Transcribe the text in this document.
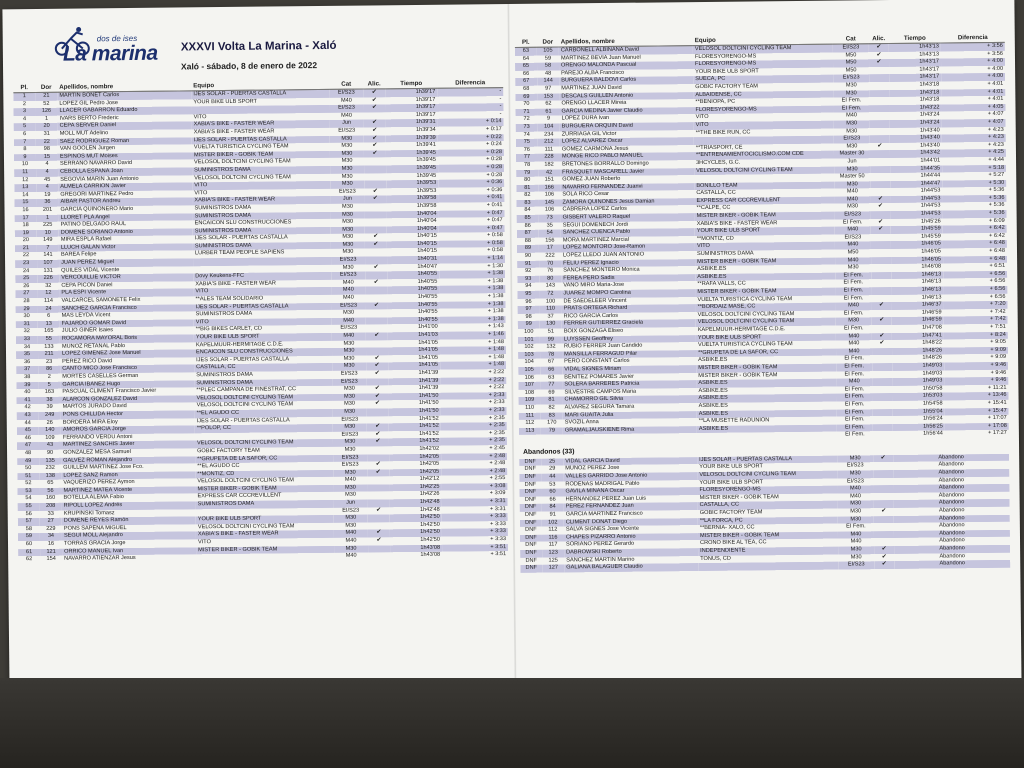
dos de ises
La marina XXXVI Volta La Marina - Xaló
Xaló - sábado, 8 de enero de 2022
Pl.	Dor	Apellidos, nombre	Equipo	Cat	Alic.	Tiempo	Diferencia
1	21	MARTIN BONET Carlos	IJES SOLAR - PUERTAS CASTALLA	EI/S23	✔	1h39'17	-
2	52	LOPEZ GIL Pedro Jose	YOUR BIKE ULB SPORT	M40	✔	1h39'17	-
3	126	LLACER GABARRON Eduardo		EI/S23	✔	1h39'17	-
4	1	IVARS BERTO Frederic	VITO	M40		1h39'17	-
5	20	CEPA SERVER Daniel	XABIA'S BIKE - FASTER WEAR	Jun	✔	1h39'31	+ 0:14
6	31	MOLL MUT Adelino	XABIA'S BIKE - FASTER WEAR	EI/S23	✔	1h39'34	+ 0:17
7	22	SAEZ RODRIGUEZ Roman	IJES SOLAR - PUERTAS CASTALLA	M30	✔	1h39'39	+ 0:22
8	98	VAN GOOLEN Jurgen	VUELTA TURISTICA CYCLING TEAM	M30	✔	1h39'41	+ 0:24
9	15	ESPINOS MUT Moises	MISTER BIKER - GOBIK TEAM	M30	✔	1h39'45	+ 0:28
10	4	SERRANO NAVARRO David	VELOSOL DOLTCINI CYCLING TEAM	M30		1h39'45	+ 0:28
11	4	CEBOLLA ESPAÑA Joan	SUMINISTROS DAMA	M30		1h39'45	+ 0:28
12	45	SEGOVIA MARIN Juan Antonio	VELOSOL DOLTCINI CYCLING TEAM	M30		1h39'45	+ 0:28
13	4	ALMELA CARRION Javier	VITO	M30		1h39'53	+ 0:36
14	19	GREGORI MARTINEZ Pedro	VITO	EI/S23	✔	1h39'53	+ 0:36
15	36	AIBAR PASTOR Andreu	XABIA'S BIKE - FASTER WEAR	Jun	✔	1h39'58	+ 0:41
16	201	GARCIA QUIÑONERO Mario	SUMINISTROS DAMA	M30		1h39'58	+ 0:41
17	1	LLORET PLA Angel	SUMINISTROS DAMA	M30		1h40'04	+ 0:47
18	225	PATIÑO DELGADO RAUL	ENCAICON SLU CONSTRUCCIONES	M30		1h40'04	+ 0:47
19	10	DOMENE SORIANO Antonio	SUMINISTROS DAMA	M30		1h40'04	+ 0:47
20	149	MIRA ESPLA Rafael	IJES SOLAR - PUERTAS CASTALLA	M30	✔	1h40'15	+ 0:58
21	7	LLUCH GALAN Victor	SUMINISTROS DAMA	M30	✔	1h40'15	+ 0:58
22	141	BAREA Felipe	LURBER TEAM PEOPLE SAPIENS	M30		1h40'15	+ 0:58
23	107	JUAN PEREZ Miguel		EI/S23		1h40'31	+ 1:14
24	131	QUILES VIDAL Vicente		M30	✔	1h40'47	+ 1:30
25	226	VERCOUILLIE VICTOR	Dovy Keukens-FFC	EI/S23		1h40'55	+ 1:38
26	32	CEPA PICON Daniel	XABIA'S BIKE - FASTER WEAR	M40	✔	1h40'55	+ 1:38
27	12	PLA ESPI Vicente	VITO	M40		1h40'55	+ 1:38
28	114	VALCARCEL SAMONETE Felix	**ALES TEAM SOLIDARIO	M40		1h40'55	+ 1:38
29	24	SANCHEZ GARCIA Francisco	IJES SOLAR - PUERTAS CASTALLA	EI/S23	✔	1h40'55	+ 1:38
30	6	MAS LEYDA Vicent	SUMINISTROS DAMA	M30		1h40'55	+ 1:38
31	13	FAJARDO GOMAR David	VITO	M40		1h40'55	+ 1:38
32	165	JULIO GINER Isaies	**BIG BIKES CARLET, CD	EI/S23		1h41'00	+ 1:43
33	55	ROCAMORA MAYORAL Boris	YOUR BIKE ULB SPORT	M40	✔	1h41'03	+ 1:46
34	133	MUÑOZ RETANAL Pablo	KAPELMUUR-HERMITAGE C.D.E.	M30		1h41'05	+ 1:48
35	211	LOPEZ GIMENEZ Jose Manuel	ENCAICON SLU CONSTRUCCIONES	M30		1h41'05	+ 1:48
36	23	PEREZ RICO David	IJES SOLAR - PUERTAS CASTALLA	M30	✔	1h41'05	+ 1:48
37	86	CANTO MICO Jose Francisco	CASTALLA, CC	M30	✔	1h41'05	+ 1:48
38	2	MORTES CASELLES German	SUMINISTROS DAMA	EI/S23	✔	1h41'39	+ 2:22
39	5	GARCIA IBAÑEZ Hugo	SUMINISTROS DAMA	EI/S23		1h41'39	+ 2:22
40	163	PASCUAL CLIMENT Francisco Javier	**PLEC CAMPANA DE FINESTRAT, CC	M30	✔	1h41'39	+ 2:22
41	38	ALARCON GONZALEZ David	VELOSOL DOLTCINI CYCLING TEAM	M30	✔	1h41'50	+ 2:33
42	39	MARTOS JURADO David	VELOSOL DOLTCINI CYCLING TEAM	M30	✔	1h41'50	+ 2:33
43	249	PONS CHILLIDA Hector	**EL AGUDO CC	M30		1h41'50	+ 2:33
44	26	BORDERA MIRA Eloy	IJES SOLAR - PUERTAS CASTALLA	EI/S23		1h41'52	+ 2:35
45	140	AMOROS GARCIA Jorge	**POLOP, CC	M30	✔	1h41'52	+ 2:35
46	109	FERRANDO VERDU Antoni		EI/S23	✔	1h41'52	+ 2:35
47	43	MARTINEZ SANCHIS Javier	VELOSOL DOLTCINI CYCLING TEAM	M30	✔	1h41'52	+ 2:35
48	90	GONZALEZ MESA Samuel	GOBIC FACTORY TEAM	M30		1h42'02	+ 2:45
49	135	GALVEZ ROMAN Alejandro	**GRUPETA DE LA SAFOR, CC	EI/S23		1h42'05	+ 2:48
50	232	GUILLEM MARTINEZ Jose Fco.	**EL AGUDO CC	EI/S23	✔	1h42'05	+ 2:48
51	138	LOPEZ SANZ Ramon	**MONTIZ, CD	M30	✔	1h42'05	+ 2:48
52	65	VAQUERIZO PEREZ Aymon	VELOSOL DOLTCINI CYCLING TEAM	M40		1h42'12	+ 2:55
53	56	MARTINEZ MATEA Vicente	MISTER BIKER - GOBIK TEAM	M30		1h42'25	+ 3:08
54	160	BOTELLA ALEMA Fabio	EXPRESS CAR CCCREVILLENT	M30		1h42'26	+ 3:09
55	208	RIPOLL LOPEZ Andrés	SUMINISTROS DAMA	Jun		1h42'48	+ 3:31
56	33	KRUPINSKI Tomasz		EI/S23	✔	1h42'48	+ 3:31
57	27	DOMENE REYES Ramón	YOUR BIKE ULB SPORT	M30		1h42'50	+ 3:33
58	229	PONS SAPENA MIGUEL	VELOSOL DOLTCINI CYCLING TEAM	M30		1h42'50	+ 3:33
59	34	SEGUI MOLL Alejandro	XABIA'S BIKE - FASTER WEAR	M40	✔	1h42'50	+ 3:33
60	16	TORRAS GRACIA Jorge	VITO	M40	✔	1h42'50	+ 3:33
61	121	ORRICO MANUEL Ivan	MISTER BIKER - GOBIK TEAM	M30		1h43'08	+ 3:51
62	154	NAVARRO ATIENZAR Jesus		M40		1h43'08	+ 3:51
Pl.	Dor	Apellidos, nombre	Equipo	Cat	Alic.	Tiempo	Diferencia
63	105	CARBONELL ALBIÑANA David	VELOSOL DOLTCINI CYCLING TEAM	EI/S23	✔	1h43'13	+ 3:56
64	59	MARTINEZ BEVIA Juan Manuel	FLORESYORENGO-MS	M50	✔	1h43'13	+ 3:56
65	58	ORENGO MALONDA Pascual	FLORESYORENGO-MS	M50	✔	1h43'17	+ 4:00
66	48	PAREJO ALBA Francisco	YOUR BIKE ULB SPORT	M50		1h43'17	+ 4:00
67	144	BURGUERA BALDOVI Carlos	SUECA, PC	EI/S23		1h43'17	+ 4:00
68	97	MARTINEZ JUAN David	GOBIC FACTORY TEAM	M30		1h43'18	+ 4:01
69	153	DESCALS GUILLEN Antonio	ALBAIDENSE, CC	M30		1h43'18	+ 4:01
70	62	ORENGO LLACER Mireia	**BENIOPA, PC	EI Fem.		1h43'18	+ 4:01
71	61	GARCIA MEDINA Javier Claudio	FLORESYORENGO-MS	EI Fem.		1h43'22	+ 4:05
72	9	LOPEZ DURA Ivan	VITO	M40		1h43'24	+ 4:07
73	104	BURGUERA ORQUIN David	VITO	M30		1h43'24	+ 4:07
74	234	ZURRIAGA GIL Victor	**THE BIKE RUN, CC	M30		1h43'40	+ 4:23
75	212	LOPEZ ALVAREZ Oscar		EI/S23		1h43'40	+ 4:23
76	111	GOMEZ CARMONA Jesus	**TRIASPORT, CE	M30	✔	1h43'40	+ 4:23
77	228	MONGE RICO PABLO MANUEL	**ENTRENAMIENTOCICLISMO.COM CDE	Master 30		1h43'42	+ 4:25
78	182	BRETONES BORRALLO Domingo	3HCYCLES, G.C.	Jun		1h44'01	+ 4:44
79	42	FRASQUET MASCARELL Javier	VELOSOL DOLTCINI CYCLING TEAM	M30		1h44'35	+ 5:18
80	151	GOMEZ JUAN Roberto		Master 50		1h44'44	+ 5:27
81	166	NAVARRO FERNANDEZ Juanvi	BONILLO TEAM	M30		1h44'47	+ 5:30
82	106	SOLA RICO Cesar	CASTALLA, CC	M40		1h44'53	+ 5:36
83	145	ZAMORA QUIÑONES Jesus Damian	EXPRESS CAR CCCREVILLENT	M40	✔	1h44'53	+ 5:36
84	106	CABRERA LOPEZ Carlos	**CALPE, CC	M30	✔	1h44'53	+ 5:36
85	73	GISBERT VALERO Raquel	MISTER BIKER - GOBIK TEAM	EI/S23		1h44'53	+ 5:36
86	35	SEGUI DOMENECH Jordi	XABIA'S BIKE - FASTER WEAR	EI Fem.	✔	1h45'26	+ 6:09
87	54	SANCHEZ CUENCA Pablo	YOUR BIKE ULB SPORT	M40	✔	1h45'59	+ 6:42
88	156	MORA MARTINEZ Marcial	**MONTIZ, CD	EI/S23		1h45'59	+ 6:42
89	17	LOPEZ MONTORO Jose-Ramon	VITO	M40		1h46'05	+ 6:48
90	222	LOPEZ LLEDO JUAN ANTONIO	SUMINISTROS DAMA	M50		1h46'05	+ 6:48
91	70	FELIU PEREZ Ignacio	MISTER BIKER - GOBIK TEAM	M40		1h46'05	+ 6:48
92	76	SANCHEZ MONTERO Monica	ASBIKE.ES	M30		1h46'08	+ 6:51
93	80	FEREA PERO Sadis	ASBIKE.ES	EI Fem.		1h46'13	+ 6:56
94	143	VAÑO MIRO Maria-Jose	**RAFA VALLS, CC	EI Fem.		1h46'13	+ 6:56
95	72	JUAREZ MOMPO Carolina	MISTER BIKER - GOBIK TEAM	EI Fem.		1h46'13	+ 6:56
96	100	DE SAEDELEER Vincent	VUELTA TURISTICA CYCLING TEAM	EI Fem.		1h46'13	+ 6:56
97	110	PRATS ORTEGA Richard	**BORDAIZ MASE, CC	M40	✔	1h46'37	+ 7:20
98	37	RICO GARCIA Carlos	VELOSOL DOLTCINI CYCLING TEAM	EI Fem.		1h46'59	+ 7:42
99	130	FERRER GUTIERREZ Graciela	VELOSOL DOLTCINI CYCLING TEAM	M30	✔	1h46'59	+ 7:42
100	51	BOIX GONZAGA Eliseo	KAPELMUUR-HERMITAGE C.D.E.	EI Fem.		1h47'08	+ 7:51
101	99	LUYSSEN Geoffrey	YOUR BIKE ULB SPORT	M40	✔	1h47'41	+ 8:24
102	132	RUBIO FERRER Juan Candido	VUELTA TURISTICA CYCLING TEAM	M40	✔	1h48'22	+ 9:05
103	78	MANSILLA FERRAGUD Pilar	**GRUPETA DE LA SAFOR, CC	M40		1h48'26	+ 9:09
104	67	PERO CONSTANT Carlos	ASBIKE.ES	EI Fem.		1h48'26	+ 9:09
105	66	VIDAL SIGNES Miriam	MISTER BIKER - GOBIK TEAM	EI Fem.		1h49'03	+ 9:46
106	63	BENITEZ POMARES Javier	MISTER BIKER - GOBIK TEAM	EI Fem.		1h49'03	+ 9:46
107	77	SOLERA BARRERES Patricia	ASBIKE.ES	M40		1h49'03	+ 9:46
108	69	SILVESTRE CAMPOS Maria	ASBIKE.ES	EI Fem.		1h50'58	+ 11:21
109	81	CHAMORRO GIL Silvia	ASBIKE.ES	EI Fem.		1h53'03	+ 13:46
110	82	ALVAREZ SEGURA Tamara	ASBIKE.ES	EI Fem.		1h54'58	+ 15:41
111	83	MARI GUAITA Julia	ASBIKE.ES	EI Fem.		1h55'04	+ 15:47
112	170	SVOZIL Anna	**LA MUSETTE RADUNION	EI Fem.		1h56'24	+ 17:07
113	79	GRAMALJAUSKIENE Rima	ASBIKE.ES	EI Fem.		1h56'25	+ 17:08
				EI Fem.		1h56'44	+ 17:27
Abandonos (33)
DNF	25	VIDAL GARCIA David	IJES SOLAR - PUERTAS CASTALLA	M30	✔	Abandono
DNF	29	MUÑOZ PEREZ Jose	YOUR BIKE ULB SPORT	EI/S23		Abandono
DNF	44	VALLES GARRIDO Jose Antonio	VELOSOL DOLTCINI CYCLING TEAM	M30		Abandono
DNF	53	RODENAS MADRIGAL Pablo	YOUR BIKE ULB SPORT	EI/S23		Abandono
DNF	60	GAVILA MINANA Oscar	FLORESYORENGO-MS	M40		Abandono
DNF	66	HERNANDEZ PEREZ Juan Luis	MISTER BIKER - GOBIK TEAM	M40		Abandono
DNF	84	PEREZ FERNANDEZ Juan	CASTALLA, CC	M30		Abandono
DNF	91	GARCIA MARTINEZ Francisco	GOBIC FACTORY TEAM	M30	✔	Abandono
DNF	102	CLIMENT DONAT Diego	**LA FORCA, PC	M30		Abandono
DNF	112	SALVA SIGNES Jose Vicente	**BERNIA- XALO, CC	EI Fem.		Abandono
DNF	116	CHAPES PIZARRO Antonio	MISTER BIKER - GOBIK TEAM	M40		Abandono
DNF	117	SORIANO PEREZ Gerardo	CRONO BIKE AL TEA, CC	M40		Abandono
DNF	123	DABROWSKI Roberto	INDEPENDIENTE	M30	✔	Abandono
DNF	125	SANCHEZ MARTIN Marino	TONUS, CD	M30	✔	Abandono
DNF	127	GALIANA BALAGUER Claudio		EI/S23	✔	Abandono
